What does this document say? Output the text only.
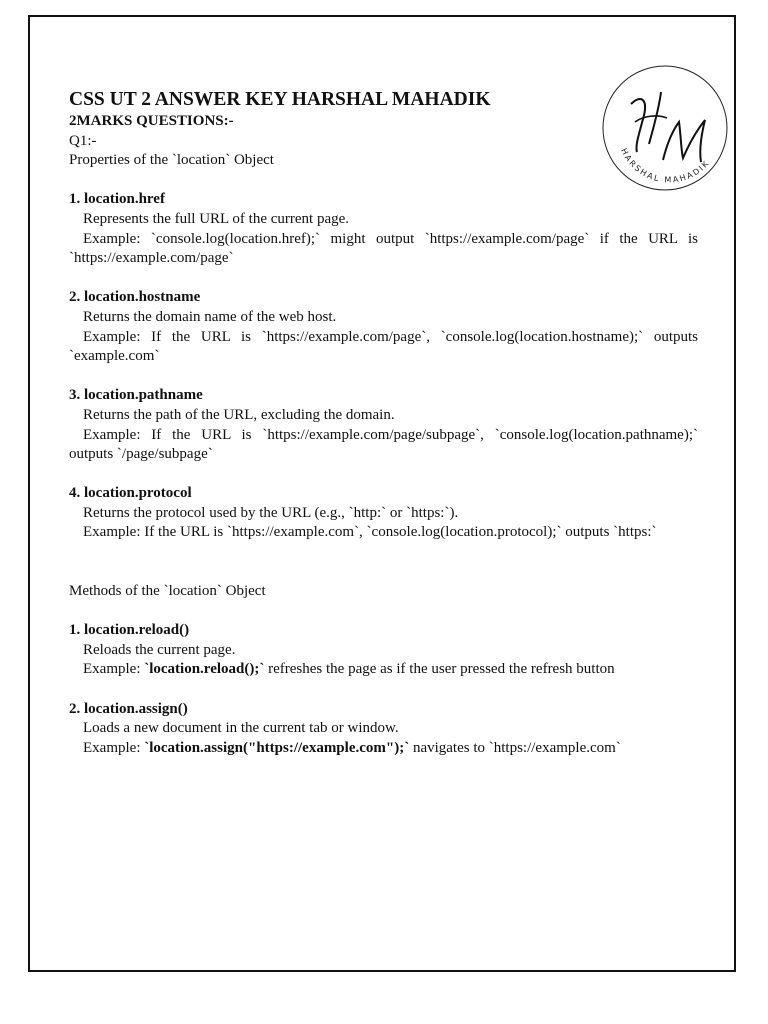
HARSHAL MAHADIK

CSS UT 2 ANSWER KEY HARSHAL MAHADIK

2MARKS QUESTIONS:-

Q1:-

Properties of the `location` Object

1. location.href

Represents the full URL of the current page.

Example: `console.log(location.href);` might output `https://example.com/page` if the URL is `https://example.com/page`

2. location.hostname

Returns the domain name of the web host.

Example: If the URL is `https://example.com/page`, `console.log(location.hostname);` outputs `example.com`

3. location.pathname

Returns the path of the URL, excluding the domain.

Example: If the URL is `https://example.com/page/subpage`, `console.log(location.pathname);` outputs `/page/subpage`

4. location.protocol

Returns the protocol used by the URL (e.g., `http:` or `https:`).

Example: If the URL is `https://example.com`, `console.log(location.protocol);` outputs `https:`

Methods of the `location` Object

1. location.reload()

Reloads the current page.

Example: `location.reload();` refreshes the page as if the user pressed the refresh button

2. location.assign()

Loads a new document in the current tab or window.

Example: `location.assign("https://example.com");` navigates to `https://example.com`
